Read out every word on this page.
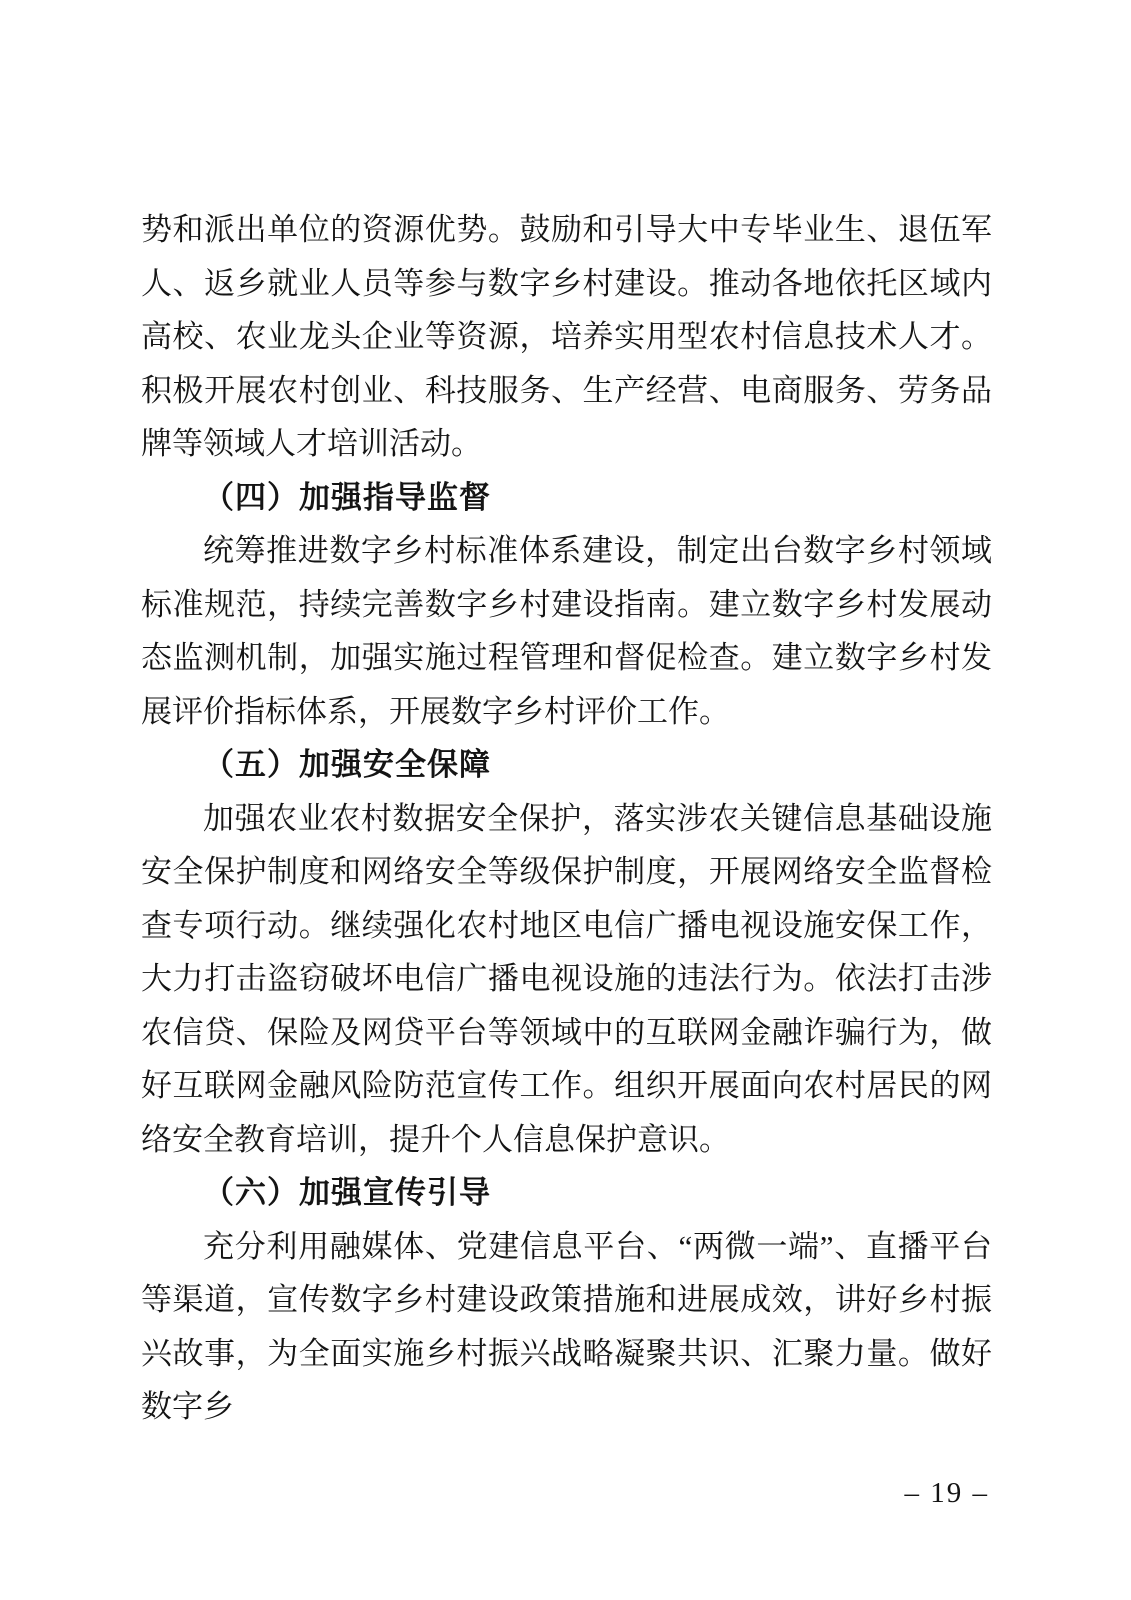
势和派出单位的资源优势。鼓励和引导大中专毕业生、退伍军人、返乡就业人员等参与数字乡村建设。推动各地依托区域内高校、农业龙头企业等资源，培养实用型农村信息技术人才。积极开展农村创业、科技服务、生产经营、电商服务、劳务品牌等领域人才培训活动。

（四）加强指导监督

统筹推进数字乡村标准体系建设，制定出台数字乡村领域标准规范，持续完善数字乡村建设指南。建立数字乡村发展动态监测机制，加强实施过程管理和督促检查。建立数字乡村发展评价指标体系，开展数字乡村评价工作。

（五）加强安全保障

加强农业农村数据安全保护，落实涉农关键信息基础设施安全保护制度和网络安全等级保护制度，开展网络安全监督检查专项行动。继续强化农村地区电信广播电视设施安保工作，大力打击盗窃破坏电信广播电视设施的违法行为。依法打击涉农信贷、保险及网贷平台等领域中的互联网金融诈骗行为，做好互联网金融风险防范宣传工作。组织开展面向农村居民的网络安全教育培训，提升个人信息保护意识。

（六）加强宣传引导

充分利用融媒体、党建信息平台、“两微一端”、直播平台等渠道，宣传数字乡村建设政策措施和进展成效，讲好乡村振兴故事，为全面实施乡村振兴战略凝聚共识、汇聚力量。做好数字乡

– 19 –
